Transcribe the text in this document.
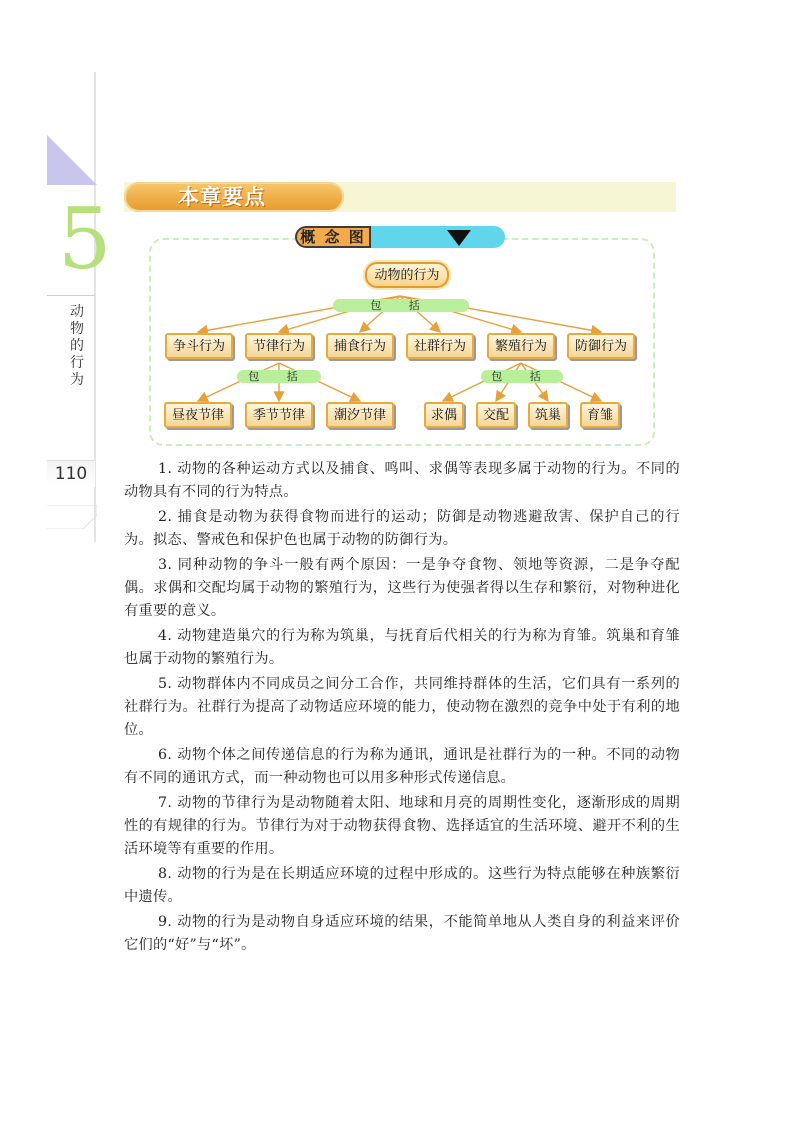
5
动物的行为
110
本章要点
概 念 图
动物的行为
包 括
争斗行为	节律行为	捕食行为	社群行为	繁殖行为	防御行为
包 括	包 括
昼夜节律	季节节律	潮汐节律	求偶	交配	筑巢	育雏

1. 动物的各种运动方式以及捕食、鸣叫、求偶等表现多属于动物的行为。不同的动物具有不同的行为特点。

2. 捕食是动物为获得食物而进行的运动；防御是动物逃避敌害、保护自己的行为。拟态、警戒色和保护色也属于动物的防御行为。

3. 同种动物的争斗一般有两个原因：一是争夺食物、领地等资源，二是争夺配偶。求偶和交配均属于动物的繁殖行为，这些行为使强者得以生存和繁衍，对物种进化有重要的意义。

4. 动物建造巢穴的行为称为筑巢，与抚育后代相关的行为称为育雏。筑巢和育雏也属于动物的繁殖行为。

5. 动物群体内不同成员之间分工合作，共同维持群体的生活，它们具有一系列的社群行为。社群行为提高了动物适应环境的能力，使动物在激烈的竞争中处于有利的地位。

6. 动物个体之间传递信息的行为称为通讯，通讯是社群行为的一种。不同的动物有不同的通讯方式，而一种动物也可以用多种形式传递信息。

7. 动物的节律行为是动物随着太阳、地球和月亮的周期性变化，逐渐形成的周期性的有规律的行为。节律行为对于动物获得食物、选择适宜的生活环境、避开不利的生活环境等有重要的作用。

8. 动物的行为是在长期适应环境的过程中形成的。这些行为特点能够在种族繁衍中遗传。

9. 动物的行为是动物自身适应环境的结果，不能简单地从人类自身的利益来评价它们的“好”与“坏”。
